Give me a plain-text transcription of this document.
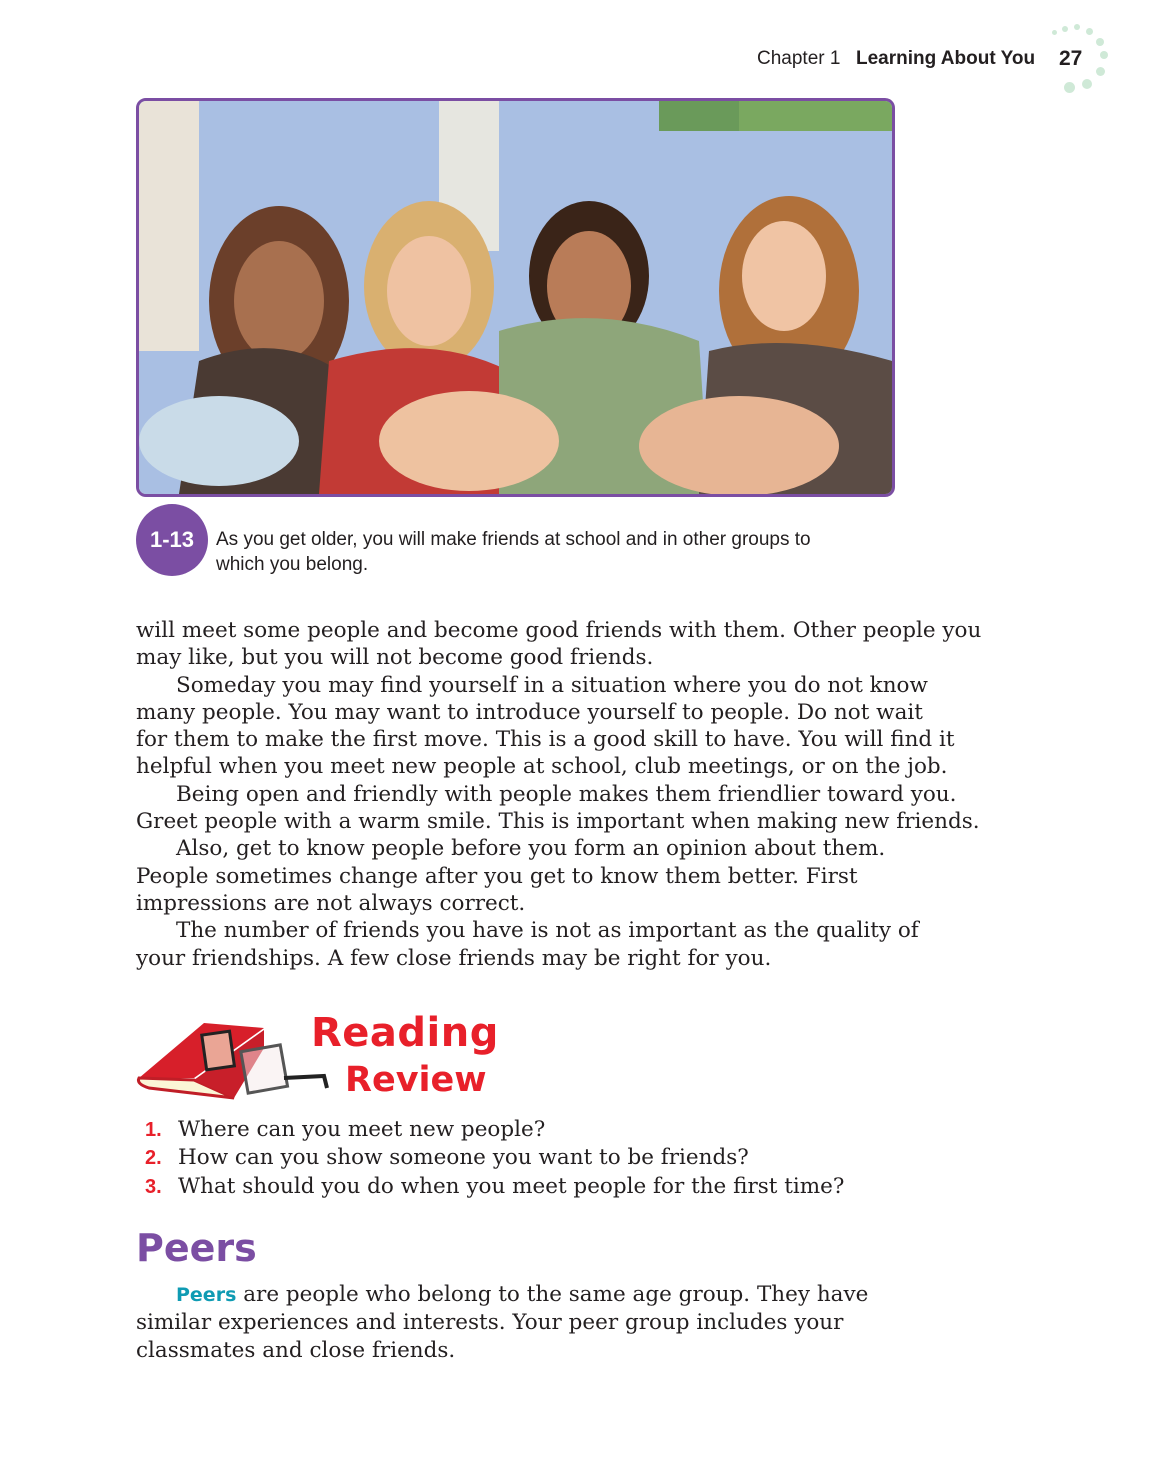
Chapter 1 Learning About You 27
1-13	As you get older, you will make friends at school and in other groups to
which you belong.
will meet some people and become good friends with them. Other people you
may like, but you will not become good friends.
Someday you may find yourself in a situation where you do not know
many people. You may want to introduce yourself to people. Do not wait
for them to make the first move. This is a good skill to have. You will find it
helpful when you meet new people at school, club meetings, or on the job.
Being open and friendly with people makes them friendlier toward you.
Greet people with a warm smile. This is important when making new friends.
Also, get to know people before you form an opinion about them.
People sometimes change after you get to know them better. First
impressions are not always correct.
The number of friends you have is not as important as the quality of
your friendships. A few close friends may be right for you.
Reading
Review
1. Where can you meet new people?
2. How can you show someone you want to be friends?
3. What should you do when you meet people for the first time?
Peers
Peers are people who belong to the same age group. They have
similar experiences and interests. Your peer group includes your
classmates and close friends.
